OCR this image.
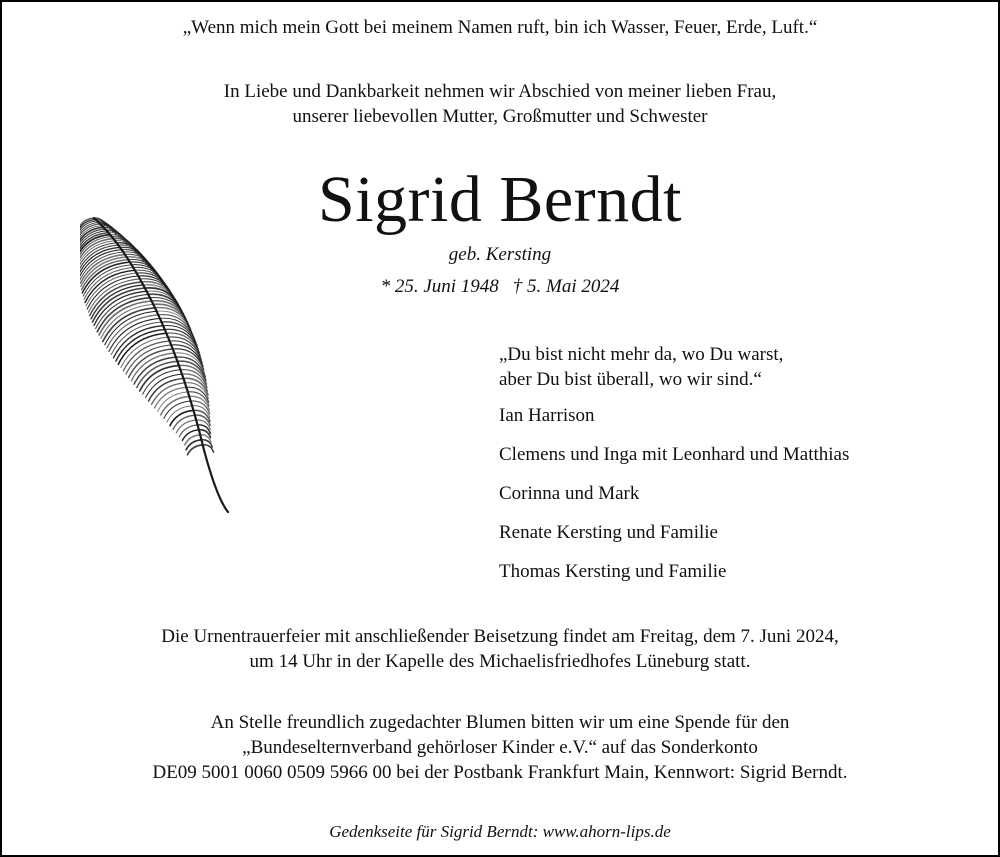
„Wenn mich mein Gott bei meinem Namen ruft, bin ich Wasser, Feuer, Erde, Luft.“
In Liebe und Dankbarkeit nehmen wir Abschied von meiner lieben Frau,
unserer liebevollen Mutter, Großmutter und Schwester
Sigrid Berndt
geb. Kersting
* 25. Juni 1948 † 5. Mai 2024
„Du bist nicht mehr da, wo Du warst,
aber Du bist überall, wo wir sind.“
Ian Harrison
Clemens und Inga mit Leonhard und Matthias
Corinna und Mark
Renate Kersting und Familie
Thomas Kersting und Familie
Die Urnentrauerfeier mit anschließender Beisetzung findet am Freitag, dem 7. Juni 2024,
um 14 Uhr in der Kapelle des Michaelisfriedhofes Lüneburg statt.
An Stelle freundlich zugedachter Blumen bitten wir um eine Spende für den
„Bundeselternverband gehörloser Kinder e.V.“ auf das Sonderkonto
DE09 5001 0060 0509 5966 00 bei der Postbank Frankfurt Main, Kennwort: Sigrid Berndt.
Gedenkseite für Sigrid Berndt: www.ahorn-lips.de
